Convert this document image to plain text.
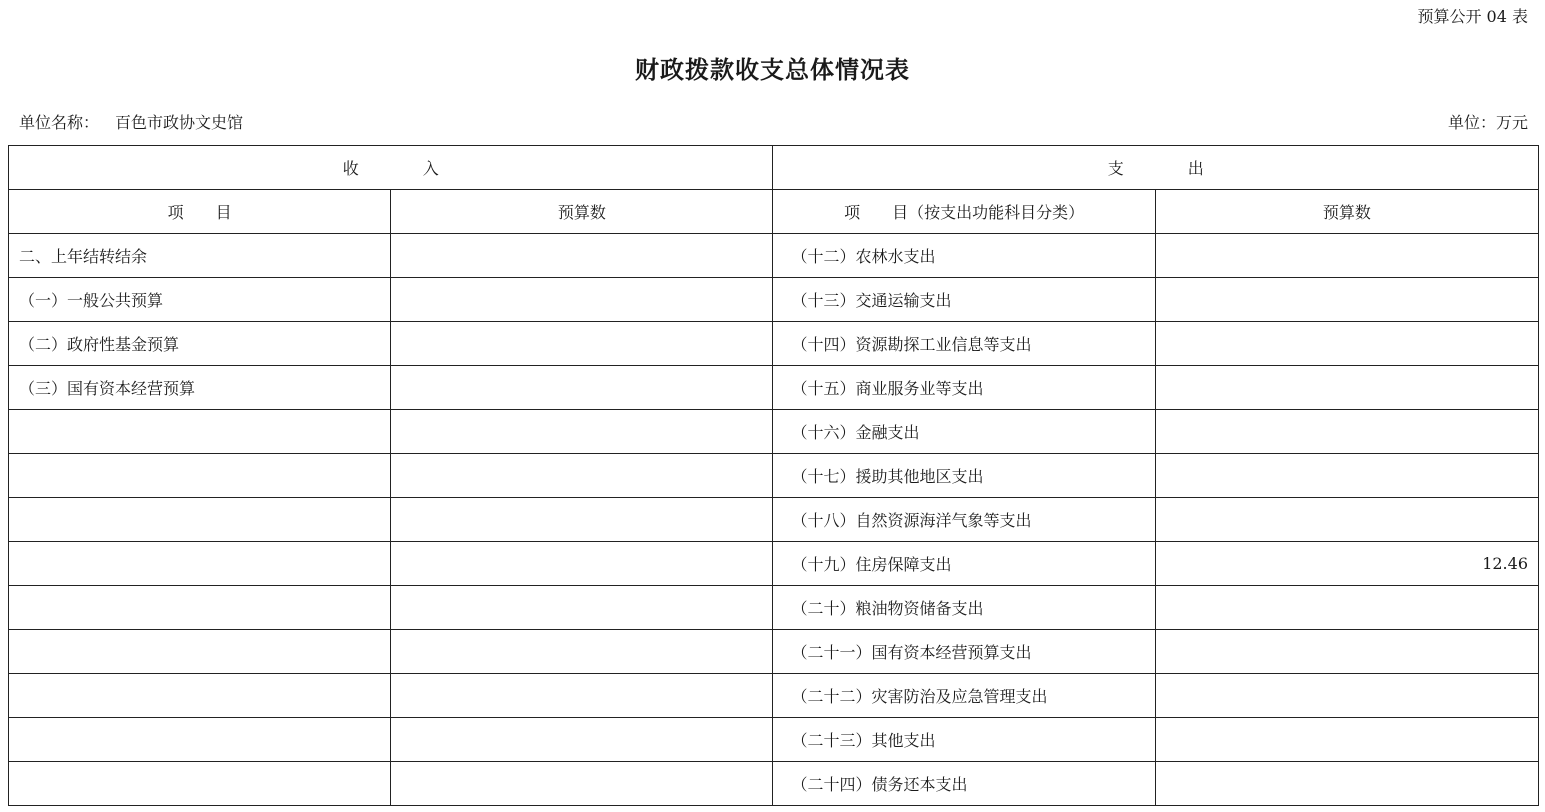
预算公开 04 表
财政拨款收支总体情况表
单位名称： 百色市政协文史馆	单位：万元
收　　　　入		支　　　　出	
项　　目	预算数	项　　目（按支出功能科目分类）	预算数
二、上年结转结余		（十二）农林水支出	
（一）一般公共预算		（十三）交通运输支出	
（二）政府性基金预算		（十四）资源勘探工业信息等支出	
（三）国有资本经营预算		（十五）商业服务业等支出	
		（十六）金融支出	
		（十七）援助其他地区支出	
		（十八）自然资源海洋气象等支出	
		（十九）住房保障支出	12.46
		（二十）粮油物资储备支出	
		（二十一）国有资本经营预算支出	
		（二十二）灾害防治及应急管理支出	
		（二十三）其他支出	
		（二十四）债务还本支出	
